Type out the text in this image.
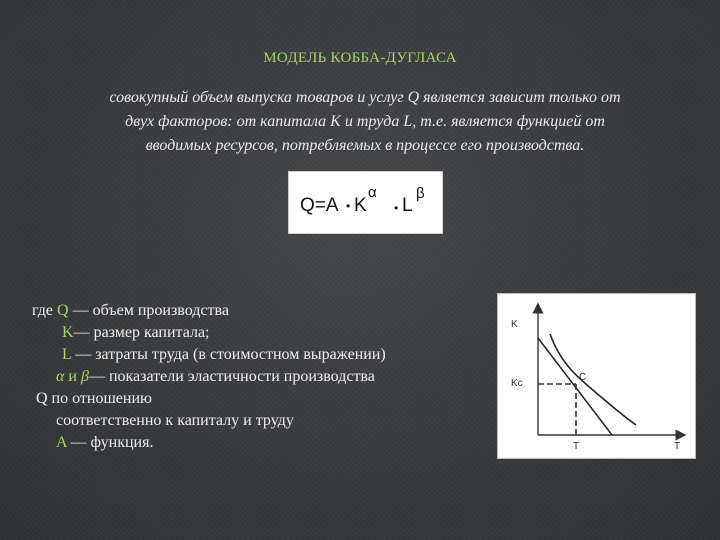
МОДЕЛЬ КОББА-ДУГЛАСА
совокупный объем выпуска товаров и услуг Q является зависит только от
двух факторов: от капитала K и труда L, т.е. является функцией от
вводимых ресурсов, потребляемых в процессе его производства.
Q=A • K
α
• L
β
где Q — объем производства
K— размер капитала;
L — затраты труда (в стоимостном выражении)
α и β— показатели эластичности производства
Q по отношению
соответственно к капиталу и труду
A — функция.
K
Kc
C
T	T
